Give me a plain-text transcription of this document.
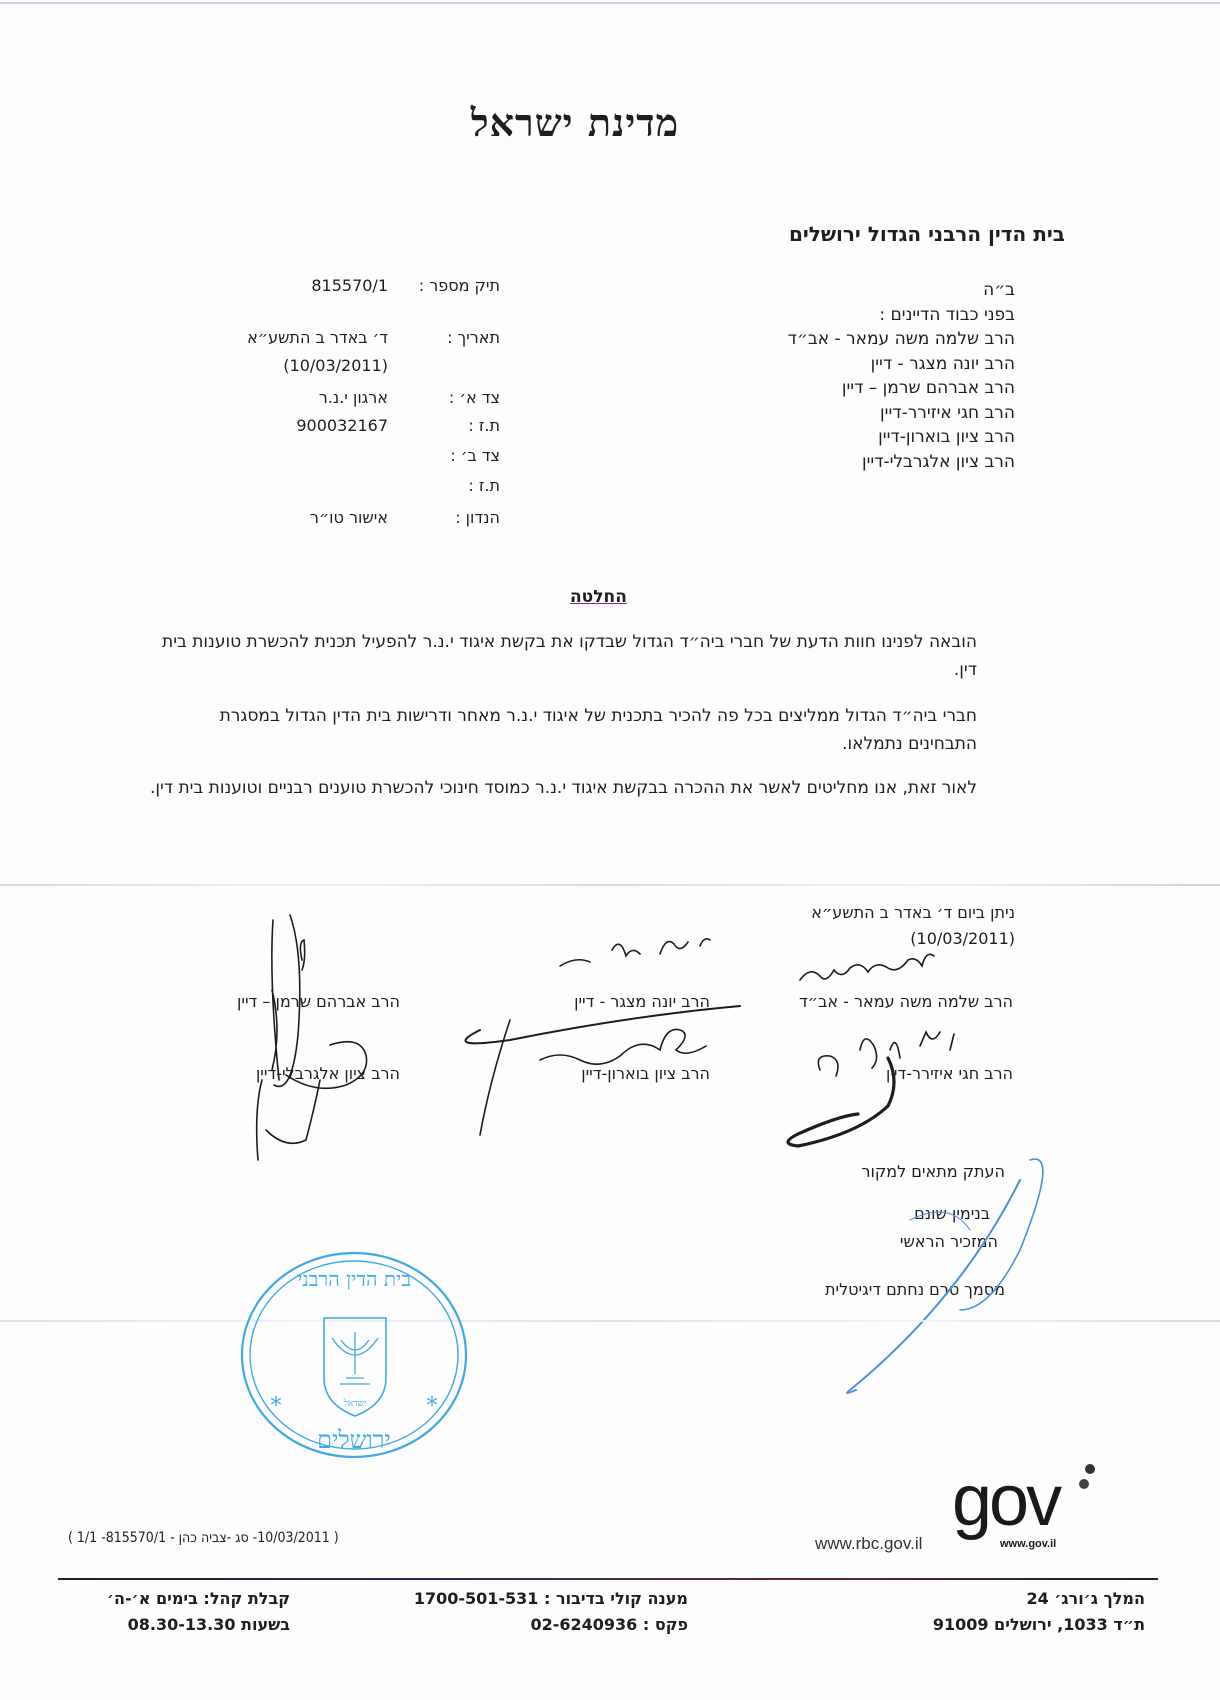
מדינת ישראל
בית הדין הרבני הגדול ירושלים
ב״ה
בפני כבוד הדיינים :
הרב שלמה משה עמאר - אב״ד
הרב יונה מצגר - דיין
הרב אברהם שרמן – דיין
הרב חגי איזירר-דיין
הרב ציון בוארון-דיין
הרב ציון אלגרבלי-דיין
תיק מספר :
815570/1
תאריך :
ד׳ באדר ב התשע״א
(10/03/2011)
צד א׳ :
ארגון י.נ.ר
ת.ז :
900032167
צד ב׳ :
ת.ז :
הנדון :
אישור טו״ר
החלטה
הובאה לפנינו חוות הדעת של חברי ביה״ד הגדול שבדקו את בקשת איגוד י.נ.ר להפעיל תכנית להכשרת טוענות בית דין.
חברי ביה״ד הגדול ממליצים בכל פה להכיר בתכנית של איגוד י.נ.ר מאחר ודרישות בית הדין הגדול במסגרת התבחינים נתמלאו.
לאור זאת, אנו מחליטים לאשר את ההכרה בבקשת איגוד י.נ.ר כמוסד חינוכי להכשרת טוענים רבניים וטוענות בית דין.
ניתן ביום ד׳ באדר ב התשע״א
(10/03/2011)
הרב שלמה משה עמאר - אב״ד
הרב יונה מצגר - דיין
הרב אברהם שרמן – דיין
הרב חגי איזירר-דיין
הרב ציון בוארון-דיין
הרב ציון אלגרבלי-דיין
העתק מתאים למקור
בנימין שונם
המזכיר הראשי
מסמך טרם נחתם דיגיטלית
בית הדין הרבני
ירושלים
*	*
ישראל
( 10/03/2011- סג -צביה כהן - 815570/1- 1/1 )	www.rbc.gov.il
gov
www.gov.il
המלך ג׳ורג׳ 24
ת״ד 1033, ירושלים 91009
מענה קולי בדיבור : 1700-501-531
פקס : 02-6240936
קבלת קהל: בימים א׳-ה׳
בשעות 08.30-13.30
